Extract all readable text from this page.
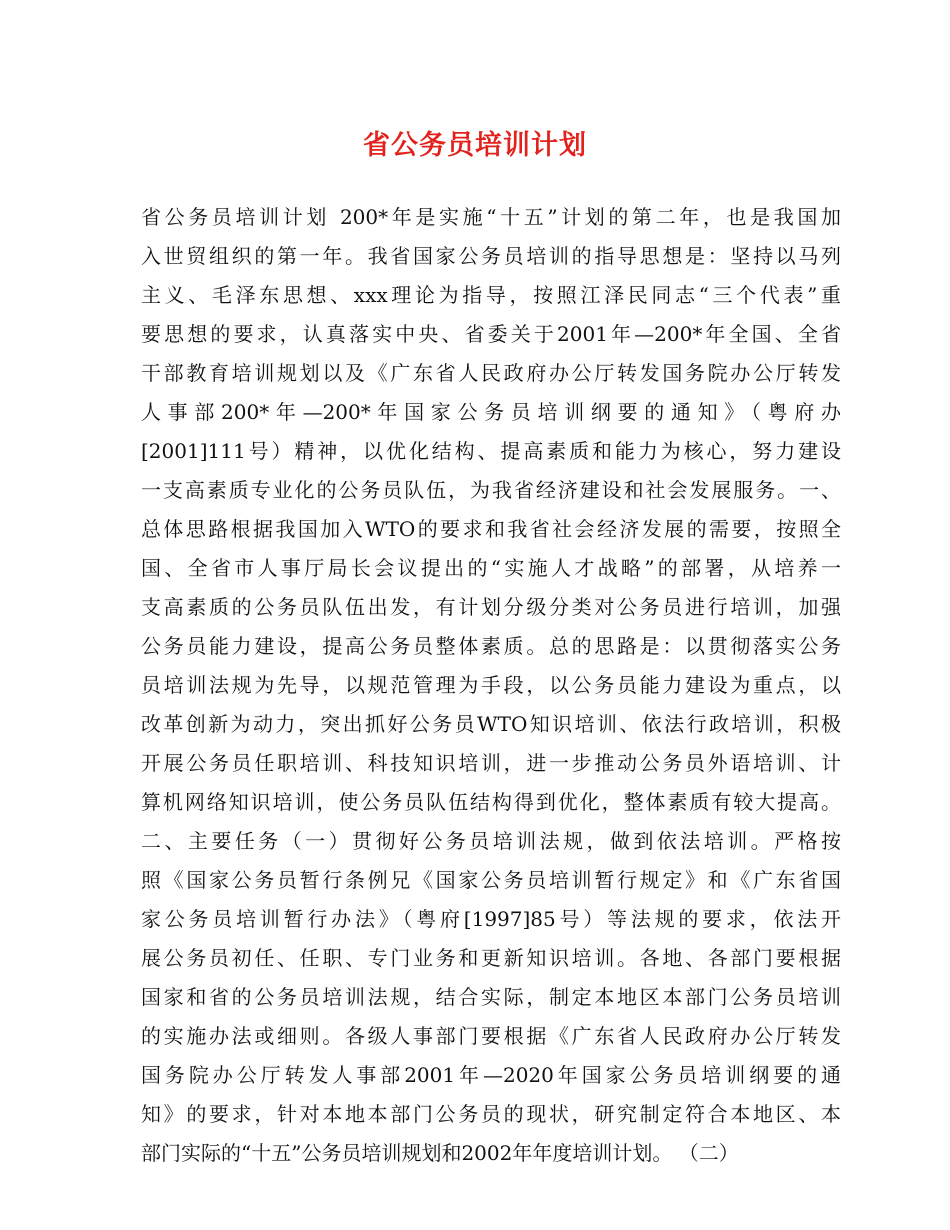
省公务员培训计划
省公务员培训计划 200*年是实施“十五”计划的第二年，也是我国加
入世贸组织的第一年。我省国家公务员培训的指导思想是：坚持以马列
主义、毛泽东思想、xxx理论为指导，按照江泽民同志“三个代表”重
要思想的要求，认真落实中央、省委关于2001年—200*年全国、全省
干部教育培训规划以及《广东省人民政府办公厅转发国务院办公厅转发
人事部200*年—200*年国家公务员培训纲要的通知》（粤府办
[2001]111号）精神，以优化结构、提高素质和能力为核心，努力建设
一支高素质专业化的公务员队伍，为我省经济建设和社会发展服务。一、
总体思路根据我国加入WTO的要求和我省社会经济发展的需要，按照全
国、全省市人事厅局长会议提出的“实施人才战略”的部署，从培养一
支高素质的公务员队伍出发，有计划分级分类对公务员进行培训，加强
公务员能力建设，提高公务员整体素质。总的思路是：以贯彻落实公务
员培训法规为先导，以规范管理为手段，以公务员能力建设为重点，以
改革创新为动力，突出抓好公务员WTO知识培训、依法行政培训，积极
开展公务员任职培训、科技知识培训，进一步推动公务员外语培训、计
算机网络知识培训，使公务员队伍结构得到优化，整体素质有较大提高。
二、主要任务（一）贯彻好公务员培训法规，做到依法培训。严格按
照《国家公务员暂行条例兄《国家公务员培训暂行规定》和《广东省国
家公务员培训暂行办法》（粤府[1997]85号）等法规的要求，依法开
展公务员初任、任职、专门业务和更新知识培训。各地、各部门要根据
国家和省的公务员培训法规，结合实际，制定本地区本部门公务员培训
的实施办法或细则。各级人事部门要根据《广东省人民政府办公厅转发
国务院办公厅转发人事部2001年—2020年国家公务员培训纲要的通
知》的要求，针对本地本部门公务员的现状，研究制定符合本地区、本
部门实际的“十五”公务员培训规划和2002年年度培训计划。 （二）
